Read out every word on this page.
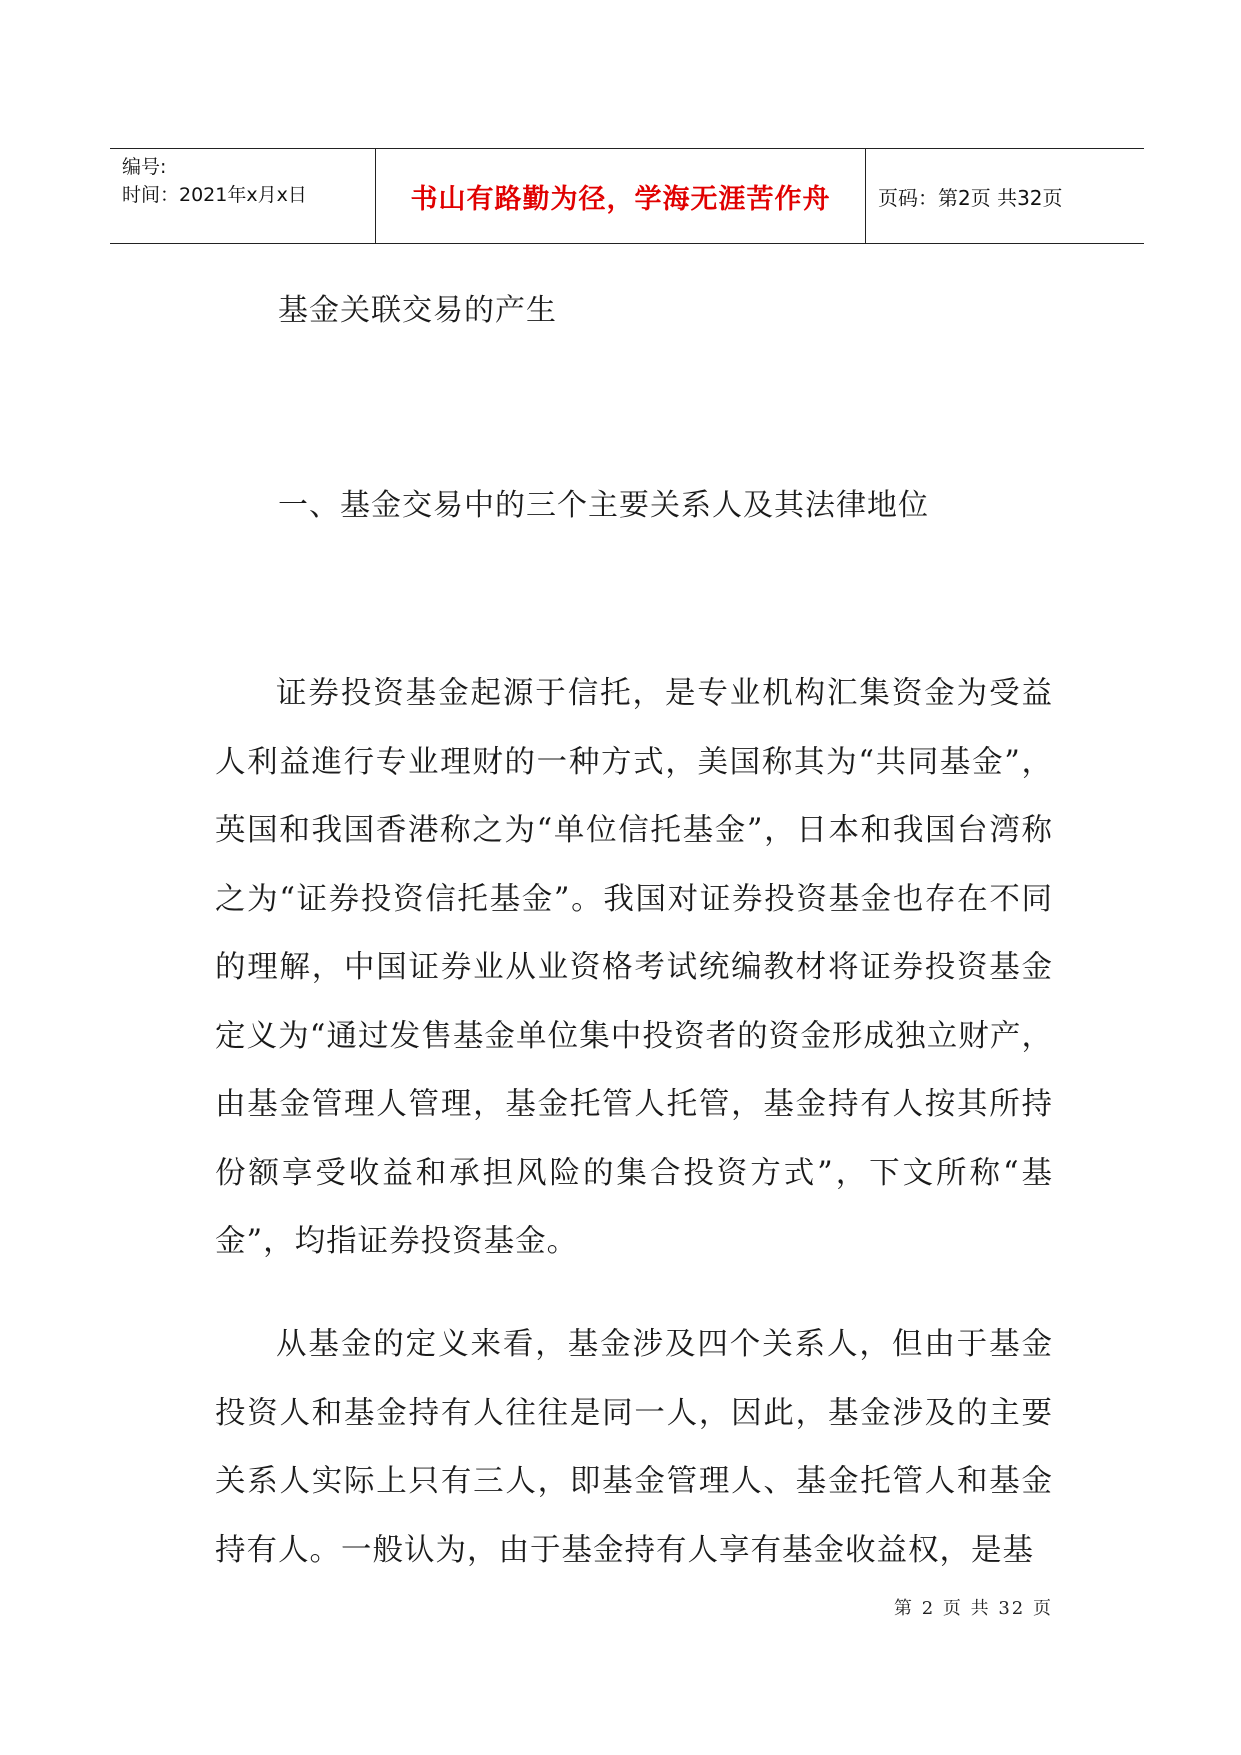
编号:
时间：2021年x月x日	书山有路勤为径，学海无涯苦作舟 页码：第2页 共32页
基金关联交易的产生
一、基金交易中的三个主要关系人及其法律地位

证券投资基金起源于信托，是专业机构汇集资金为受益人利益進行专业理财的一种方式，美国称其为“共同基金”，英国和我国香港称之为“单位信托基金”，日本和我国台湾称之为“证券投资信托基金”。我国对证券投资基金也存在不同的理解，中国证券业从业资格考试统编教材将证券投资基金定义为“通过发售基金单位集中投资者的资金形成独立财产，由基金管理人管理，基金托管人托管，基金持有人按其所持份额享受收益和承担风险的集合投资方式”，下文所称“基金”，均指证券投资基金。

从基金的定义来看，基金涉及四个关系人，但由于基金投资人和基金持有人往往是同一人，因此，基金涉及的主要关系人实际上只有三人，即基金管理人、基金托管人和基金持有人。一般认为，由于基金持有人享有基金收益权，是基

第 2 页 共 32 页
